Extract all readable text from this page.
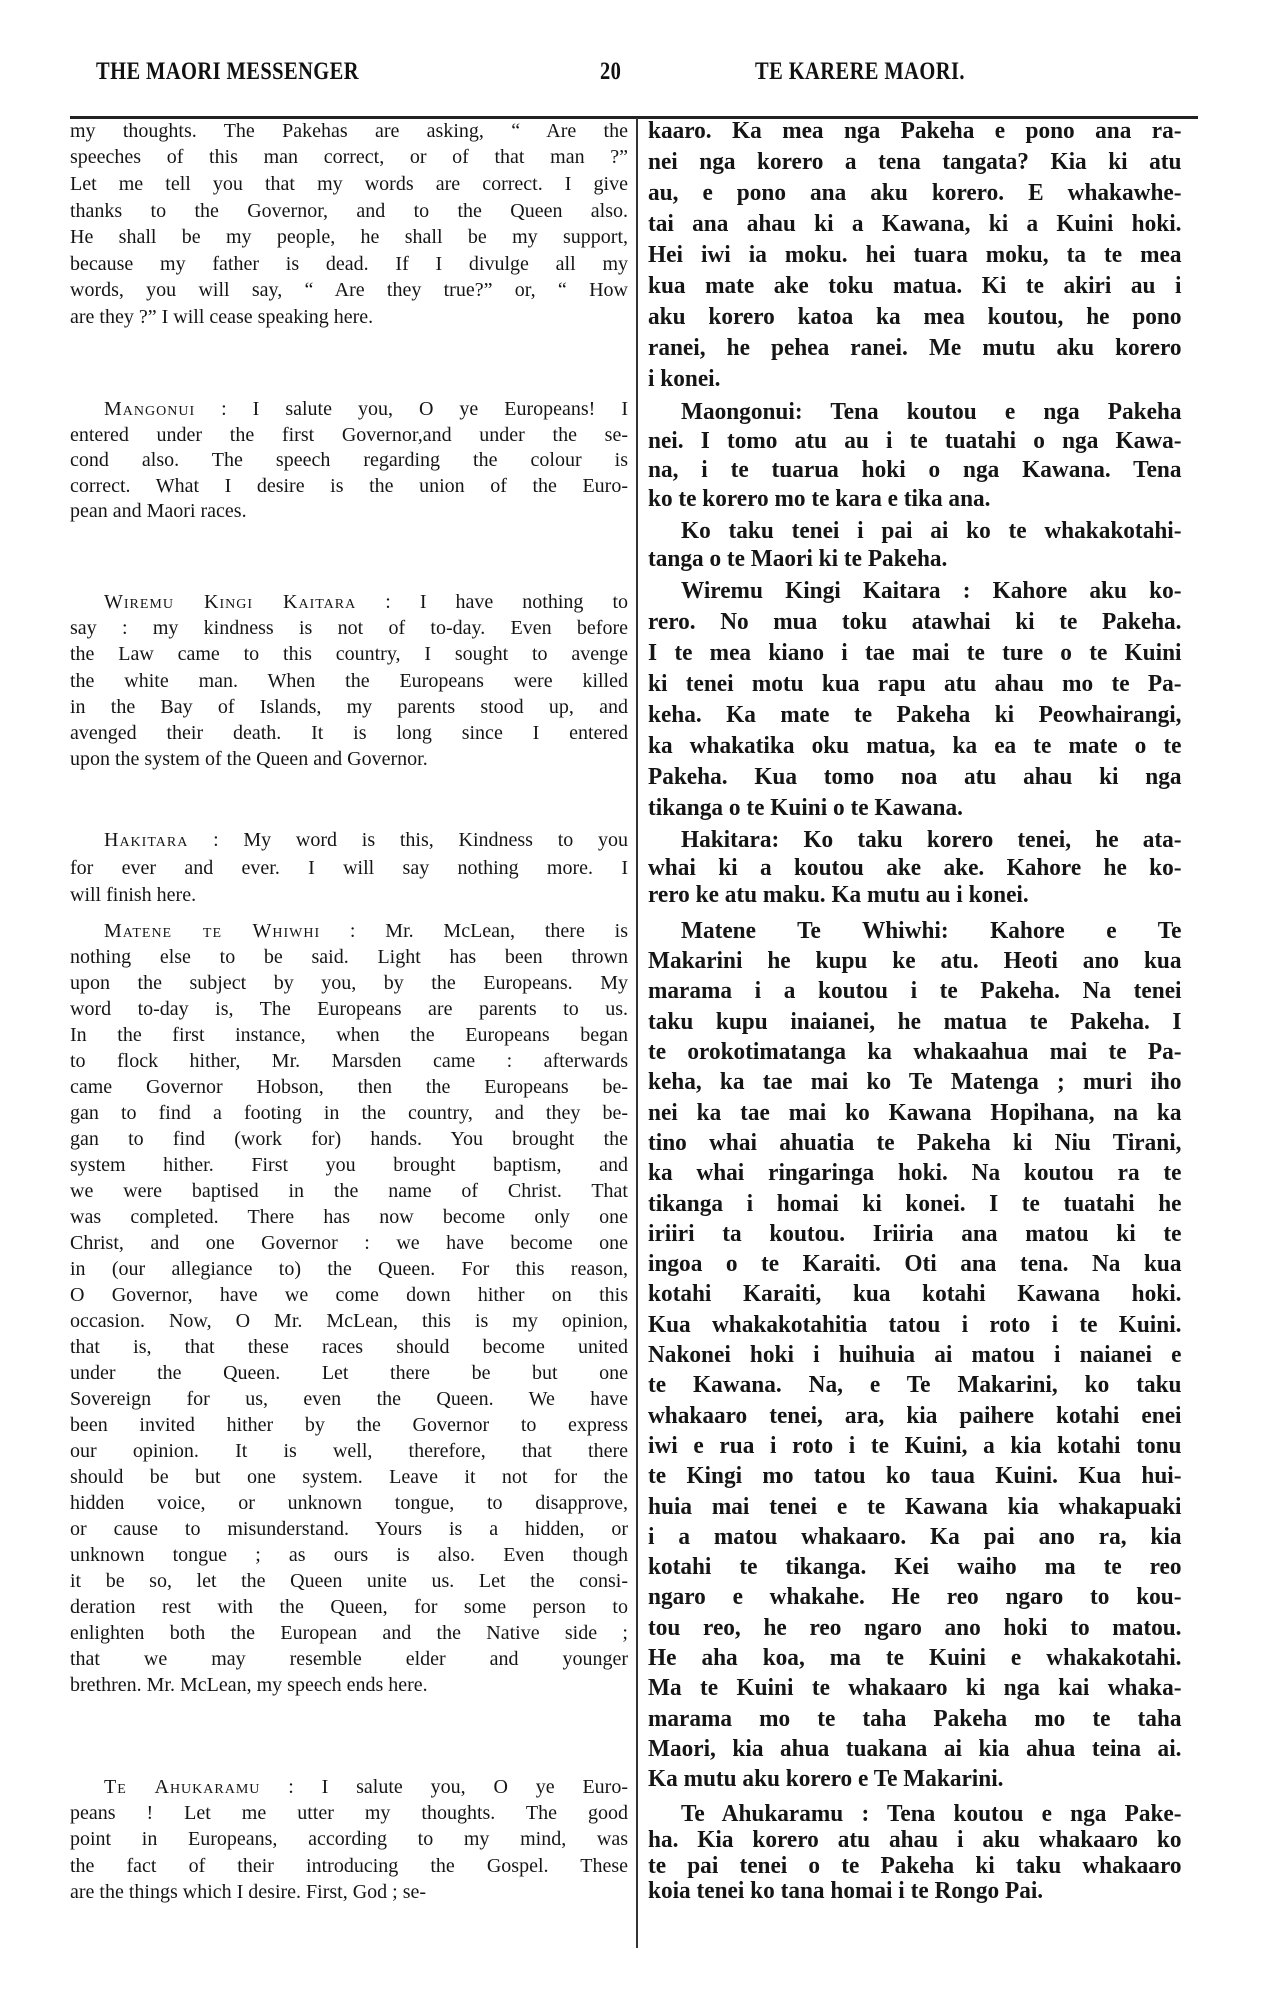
THE MAORI MESSENGER	20	TE KARERE MAORI.
my thoughts. The Pakehas are asking, “ Are the
speeches of this man correct, or of that man ?”
Let me tell you that my words are correct. I give
thanks to the Governor, and to the Queen also.
He shall be my people, he shall be my support,
because my father is dead. If I divulge all my
words, you will say, “ Are they true?” or, “ How
are they ?” I will cease speaking here.
Mangonui : I salute you, O ye Europeans! I
entered under the first Governor,and under the se-
cond also. The speech regarding the colour is
correct. What I desire is the union of the Euro-
pean and Maori races.
Wiremu Kingi Kaitara : I have nothing to
say : my kindness is not of to-day. Even before
the Law came to this country, I sought to avenge
the white man. When the Europeans were killed
in the Bay of Islands, my parents stood up, and
avenged their death. It is long since I entered
upon the system of the Queen and Governor.
Hakitara : My word is this, Kindness to you
for ever and ever. I will say nothing more. I
will finish here.
Matene te Whiwhi : Mr. McLean, there is
nothing else to be said. Light has been thrown
upon the subject by you, by the Europeans. My
word to-day is, The Europeans are parents to us.
In the first instance, when the Europeans began
to flock hither, Mr. Marsden came : afterwards
came Governor Hobson, then the Europeans be-
gan to find a footing in the country, and they be-
gan to find (work for) hands. You brought the
system hither. First you brought baptism, and
we were baptised in the name of Christ. That
was completed. There has now become only one
Christ, and one Governor : we have become one
in (our allegiance to) the Queen. For this reason,
O Governor, have we come down hither on this
occasion. Now, O Mr. McLean, this is my opinion,
that is, that these races should become united
under the Queen. Let there be but one
Sovereign for us, even the Queen. We have
been invited hither by the Governor to express
our opinion. It is well, therefore, that there
should be but one system. Leave it not for the
hidden voice, or unknown tongue, to disapprove,
or cause to misunderstand. Yours is a hidden, or
unknown tongue ; as ours is also. Even though
it be so, let the Queen unite us. Let the consi-
deration rest with the Queen, for some person to
enlighten both the European and the Native side ;
that we may resemble elder and younger
brethren. Mr. McLean, my speech ends here.
Te Ahukaramu : I salute you, O ye Euro-
peans ! Let me utter my thoughts. The good
point in Europeans, according to my mind, was
the fact of their introducing the Gospel. These
are the things which I desire. First, God ; se-
kaaro. Ka mea nga Pakeha e pono ana ra-
nei nga korero a tena tangata? Kia ki atu
au, e pono ana aku korero. E whakawhe-
tai ana ahau ki a Kawana, ki a Kuini hoki.
Hei iwi ia moku. hei tuara moku, ta te mea
kua mate ake toku matua. Ki te akiri au i
aku korero katoa ka mea koutou, he pono
ranei, he pehea ranei. Me mutu aku korero
i konei.
Maongonui: Tena koutou e nga Pakeha
nei. I tomo atu au i te tuatahi o nga Kawa-
na, i te tuarua hoki o nga Kawana. Tena
ko te korero mo te kara e tika ana.
Ko taku tenei i pai ai ko te whakakotahi-
tanga o te Maori ki te Pakeha.
Wiremu Kingi Kaitara : Kahore aku ko-
rero. No mua toku atawhai ki te Pakeha.
I te mea kiano i tae mai te ture o te Kuini
ki tenei motu kua rapu atu ahau mo te Pa-
keha. Ka mate te Pakeha ki Peowhairangi,
ka whakatika oku matua, ka ea te mate o te
Pakeha. Kua tomo noa atu ahau ki nga
tikanga o te Kuini o te Kawana.
Hakitara: Ko taku korero tenei, he ata-
whai ki a koutou ake ake. Kahore he ko-
rero ke atu maku. Ka mutu au i konei.
Matene Te Whiwhi: Kahore e Te
Makarini he kupu ke atu. Heoti ano kua
marama i a koutou i te Pakeha. Na tenei
taku kupu inaianei, he matua te Pakeha. I
te orokotimatanga ka whakaahua mai te Pa-
keha, ka tae mai ko Te Matenga ; muri iho
nei ka tae mai ko Kawana Hopihana, na ka
tino whai ahuatia te Pakeha ki Niu Tirani,
ka whai ringaringa hoki. Na koutou ra te
tikanga i homai ki konei. I te tuatahi he
iriiri ta koutou. Iriiria ana matou ki te
ingoa o te Karaiti. Oti ana tena. Na kua
kotahi Karaiti, kua kotahi Kawana hoki.
Kua whakakotahitia tatou i roto i te Kuini.
Nakonei hoki i huihuia ai matou i naianei e
te Kawana. Na, e Te Makarini, ko taku
whakaaro tenei, ara, kia paihere kotahi enei
iwi e rua i roto i te Kuini, a kia kotahi tonu
te Kingi mo tatou ko taua Kuini. Kua hui-
huia mai tenei e te Kawana kia whakapuaki
i a matou whakaaro. Ka pai ano ra, kia
kotahi te tikanga. Kei waiho ma te reo
ngaro e whakahe. He reo ngaro to kou-
tou reo, he reo ngaro ano hoki to matou.
He aha koa, ma te Kuini e whakakotahi.
Ma te Kuini te whakaaro ki nga kai whaka-
marama mo te taha Pakeha mo te taha
Maori, kia ahua tuakana ai kia ahua teina ai.
Ka mutu aku korero e Te Makarini.
Te Ahukaramu : Tena koutou e nga Pake-
ha. Kia korero atu ahau i aku whakaaro ko
te pai tenei o te Pakeha ki taku whakaaro
koia tenei ko tana homai i te Rongo Pai.
